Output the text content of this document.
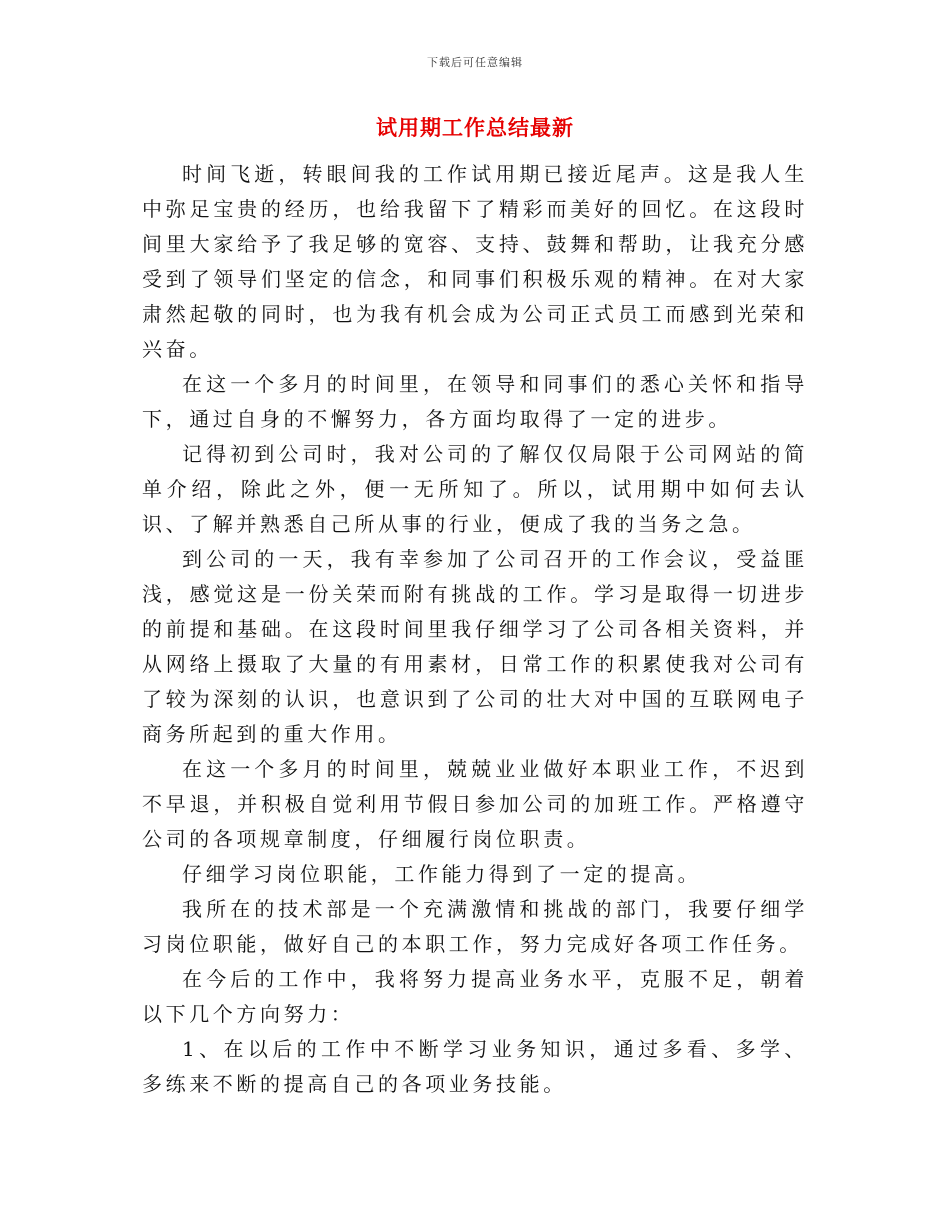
下载后可任意编辑
试用期工作总结最新

时间飞逝，转眼间我的工作试用期已接近尾声。这是我人生中弥足宝贵的经历，也给我留下了精彩而美好的回忆。在这段时间里大家给予了我足够的宽容、支持、鼓舞和帮助，让我充分感受到了领导们坚定的信念，和同事们积极乐观的精神。在对大家肃然起敬的同时，也为我有机会成为公司正式员工而感到光荣和兴奋。

在这一个多月的时间里，在领导和同事们的悉心关怀和指导下，通过自身的不懈努力，各方面均取得了一定的进步。

记得初到公司时，我对公司的了解仅仅局限于公司网站的简单介绍，除此之外，便一无所知了。所以，试用期中如何去认识、了解并熟悉自己所从事的行业，便成了我的当务之急。

到公司的一天，我有幸参加了公司召开的工作会议，受益匪浅，感觉这是一份关荣而附有挑战的工作。学习是取得一切进步的前提和基础。在这段时间里我仔细学习了公司各相关资料，并从网络上摄取了大量的有用素材，日常工作的积累使我对公司有了较为深刻的认识，也意识到了公司的壮大对中国的互联网电子商务所起到的重大作用。

在这一个多月的时间里，兢兢业业做好本职业工作，不迟到不早退，并积极自觉利用节假日参加公司的加班工作。严格遵守公司的各项规章制度，仔细履行岗位职责。

仔细学习岗位职能，工作能力得到了一定的提高。

我所在的技术部是一个充满激情和挑战的部门，我要仔细学习岗位职能，做好自己的本职工作，努力完成好各项工作任务。

在今后的工作中，我将努力提高业务水平，克服不足，朝着以下几个方向努力：

1、在以后的工作中不断学习业务知识，通过多看、多学、多练来不断的提高自己的各项业务技能。
